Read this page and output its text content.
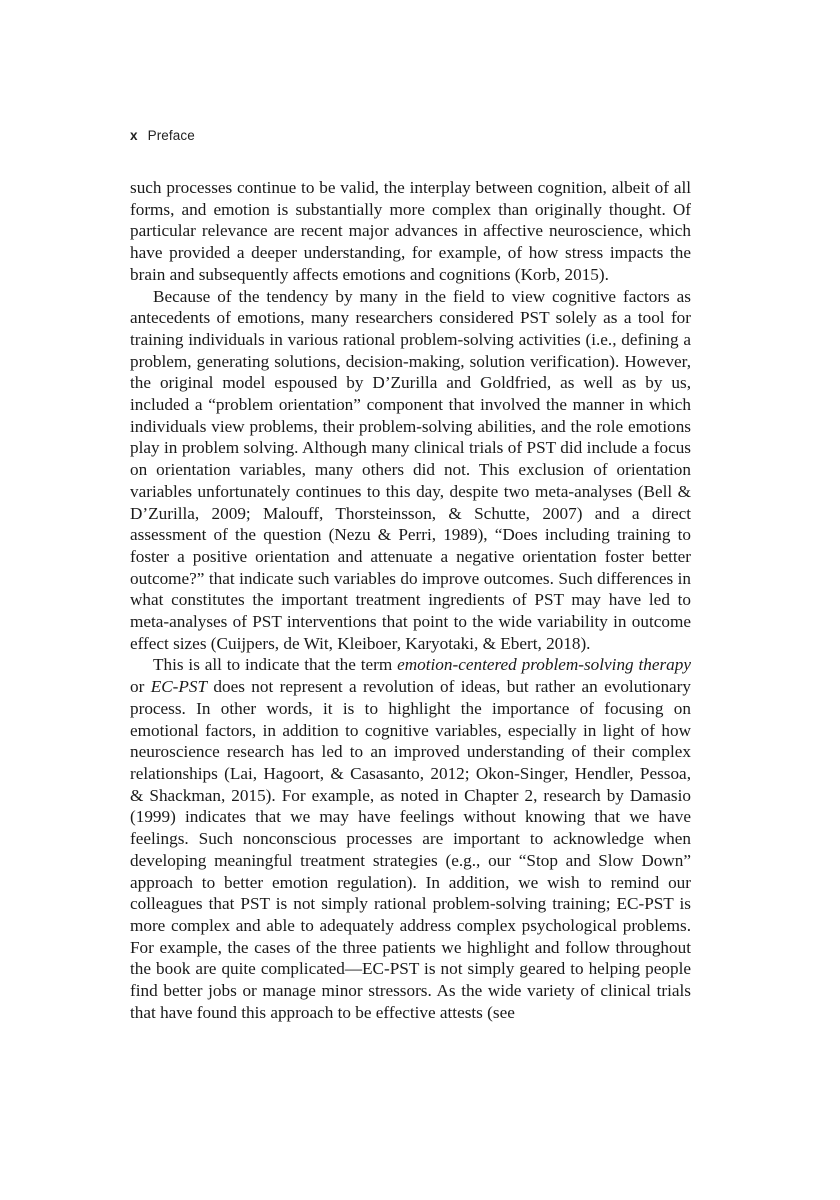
x Preface

such processes continue to be valid, the interplay between cognition, albeit of all forms, and emotion is substantially more complex than originally thought. Of particular relevance are recent major advances in affective neuroscience, which have provided a deeper understanding, for example, of how stress impacts the brain and subsequently affects emotions and cognitions (Korb, 2015).

Because of the tendency by many in the field to view cognitive factors as antecedents of emotions, many researchers considered PST solely as a tool for training individuals in various rational problem-solving activities (i.e., defining a problem, generating solutions, decision-making, solution verification). However, the original model espoused by D’Zurilla and Goldfried, as well as by us, included a “problem orientation” component that involved the manner in which individuals view problems, their problem-solving abilities, and the role emotions play in problem solving. Although many clinical trials of PST did include a focus on orientation variables, many others did not. This exclusion of orientation variables unfortunately continues to this day, despite two meta-analyses (Bell & D’Zurilla, 2009; Malouff, Thorsteinsson, & Schutte, 2007) and a direct assessment of the question (Nezu & Perri, 1989), “Does including training to foster a positive orientation and attenuate a negative orientation foster better outcome?” that indicate such variables do improve outcomes. Such differences in what constitutes the important treatment ingredients of PST may have led to meta-analyses of PST interventions that point to the wide variability in outcome effect sizes (Cuijpers, de Wit, Kleiboer, Karyotaki, & Ebert, 2018).

This is all to indicate that the term emotion-centered problem-solving therapy or EC-PST does not represent a revolution of ideas, but rather an evolutionary process. In other words, it is to highlight the importance of focusing on emotional factors, in addition to cognitive variables, especially in light of how neuroscience research has led to an improved understanding of their complex relationships (Lai, Hagoort, & Casasanto, 2012; Okon-Singer, Hendler, Pessoa, & Shackman, 2015). For example, as noted in Chapter 2, research by Damasio (1999) indicates that we may have feelings without knowing that we have feelings. Such nonconscious processes are important to acknowledge when developing meaningful treatment strategies (e.g., our “Stop and Slow Down” approach to better emotion regulation). In addition, we wish to remind our colleagues that PST is not simply rational problem-solving training; EC-PST is more complex and able to adequately address complex psychological problems. For example, the cases of the three patients we highlight and follow throughout the book are quite complicated—EC-PST is not simply geared to helping people find better jobs or manage minor stressors. As the wide variety of clinical trials that have found this approach to be effective attests (see
